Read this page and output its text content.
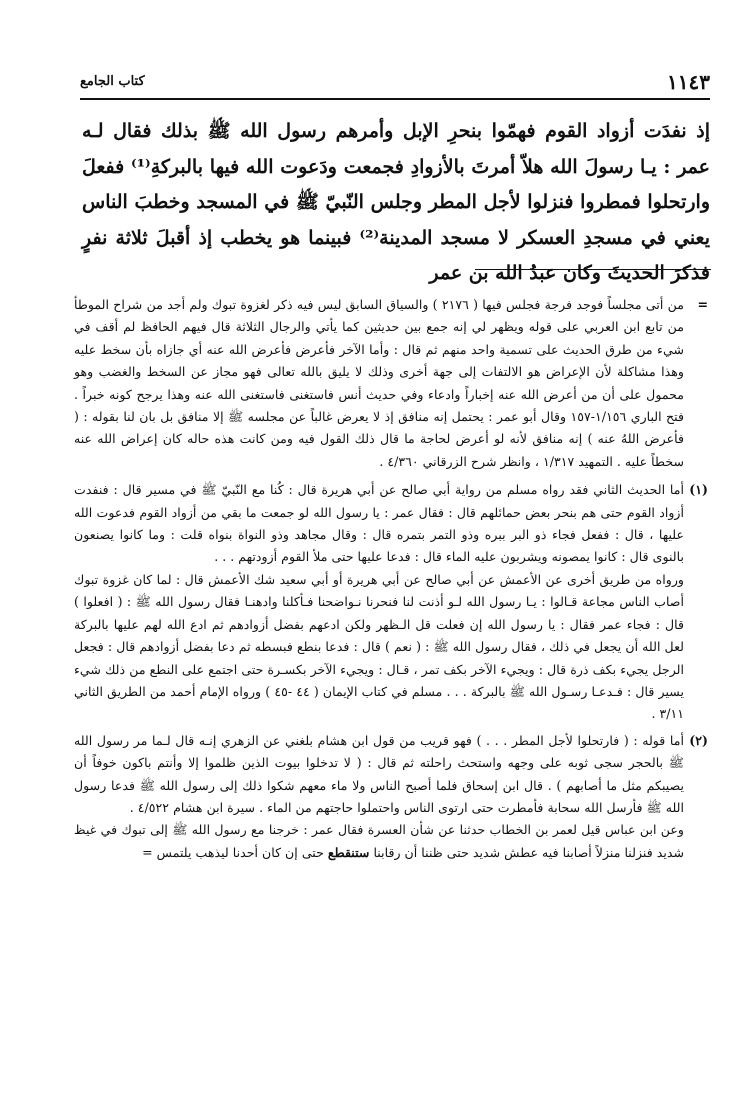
١١٤٣
كتاب الجامع

إذ نفدَت أزواد القوم فهمّوا بنحرِ الإبل وأمرهم رسول الله ﷺ بذلك فقال لـه عمر : يـا رسولَ الله هلاّ أمرتَ بالأزوادِ فجمعت ودَعوت الله فيها بالبركةِ⁽¹⁾ ففعلَ وارتحلوا فمطروا فنزلوا لأجل المطر وجلس النّبيّ ﷺ في المسجد وخطبَ الناس يعني في مسجدِ العسكر لا مسجد المدينة⁽²⁾ فبينما هو يخطب إذ أقبلَ ثلاثة نفرٍ فذكرَ الحديثَ وكان عبدُ الله بن عمر

=
من أتى مجلساً فوجد فرجة فجلس فيها ( ٢١٧٦ ) والسياق السابق ليس فيه ذكر لغزوة تبوك ولم أجد من شراح الموطأ من تابع ابن العربي على قوله ويظهر لي إنه جمع بين حديثين كما يأتي والرجال الثلاثة قال فيهم الحافظ لم أقف في شيء من طرق الحديث على تسمية واحد منهم ثم قال : وأما الآخر فأعرض فأعرض الله عنه أي جازاه بأن سخط عليه وهذا مشاكلة لأن الإعراض هو الالتفات إلى جهة أخرى وذلك لا يليق بالله تعالى فهو مجاز عن السخط والغضب وهو محمول على أن من أعرض الله عنه إخباراً وادعاء وفي حديث أنس فاستغنى فاستغنى الله عنه وهذا يرجح كونه خبراً . فتح الباري ١/١٥٦-١٥٧ وقال أبو عمر : يحتمل إنه منافق إذ لا يعرض غالباً عن مجلسه ﷺ إلا منافق بل بان لنا بقوله : ( فأعرض اللهُ عنه ) إنه منافق لأنه لو أعرض لحاجة ما قال ذلك القول فيه ومن كانت هذه حاله كان إعراض الله عنه سخطاً عليه . التمهيد ١/٣١٧ ، وانظر شرح الزرقاني ٤/٣٦٠ .
(١)
أما الحديث الثاني فقد رواه مسلم من رواية أبي صالح عن أبي هريرة قال : كُنا مع النّبيّ ﷺ في مسير قال : فنفدت أزواد القوم حتى هم بنحر بعض حمائلهم قال : فقال عمر : يا رسول الله لو جمعت ما بقي من أزواد القوم فدعوت الله عليها ، قال : ففعل فجاء ذو البر ببره وذو التمر بتمره قال : وقال مجاهد وذو النواة بنواه قلت : وما كانوا يصنعون بالنوى قال : كانوا يمصونه ويشربون عليه الماء قال : فدعا عليها حتى ملأ القوم أزودتهم . . .

ورواه من طريق أخرى عن الأعمش عن أبي صالح عن أبي هريرة أو أبي سعيد شك الأعمش قال : لما كان غزوة تبوك أصاب الناس مجاعة قـالوا : يـا رسول الله لـو أذنت لنا فنحرنا نـواضحنا فـأكلنا وادهنـا فقال رسول الله ﷺ : ( افعلوا ) قال : فجاء عمر فقال : يا رسول الله إن فعلت قل الـظهر ولكن ادعهم بفضل أزوادهم ثم ادع الله لهم عليها بالبركة لعل الله أن يجعل في ذلك ، فقال رسول الله ﷺ : ( نعم ) قال : فدعا بنطع فبسطه ثم دعا بفضل أزوادهم قال : فجعل الرجل يجيء بكف ذرة قال : ويجيء الآخر بكف تمر ، قـال : ويجيء الآخر بكسـرة حتى اجتمع على النطع من ذلك شيء يسير قال : فـدعـا رسـول الله ﷺ بالبركة . . . مسلم في كتاب الإيمان ( ٤٤ -٤٥ ) ورواه الإمام أحمد من الطريق الثاني ٣/١١ .

(٢)
أما قوله : ( فارتحلوا لأجل المطر . . . ) فهو قريب من قول ابن هشام بلغني عن الزهري إنـه قال لـما مر رسول الله ﷺ بالحجر سجى ثوبه على وجهه واستحث راحلته ثم قال : ( لا تدخلوا بيوت الذين ظلموا إلا وأنتم باكون خوفاً أن يصيبكم مثل ما أصابهم ) . قال ابن إسحاق فلما أصبح الناس ولا ماء معهم شكوا ذلك إلى رسول الله ﷺ فدعا رسول الله ﷺ فأرسل الله سحابة فأمطرت حتى ارتوى الناس واحتملوا حاجتهم من الماء . سيرة ابن هشام ٤/٥٢٢ .

وعن ابن عباس قيل لعمر بن الخطاب حدثنا عن شأن العسرة فقال عمر : خرجنا مع رسول الله ﷺ إلى تبوك في غيظ شديد فنزلنا منزلاً أصابنا فيه عطش شديد حتى ظننا أن رقابنا ستنقطع حتى إن كان أحدنا ليذهب يلتمس =
